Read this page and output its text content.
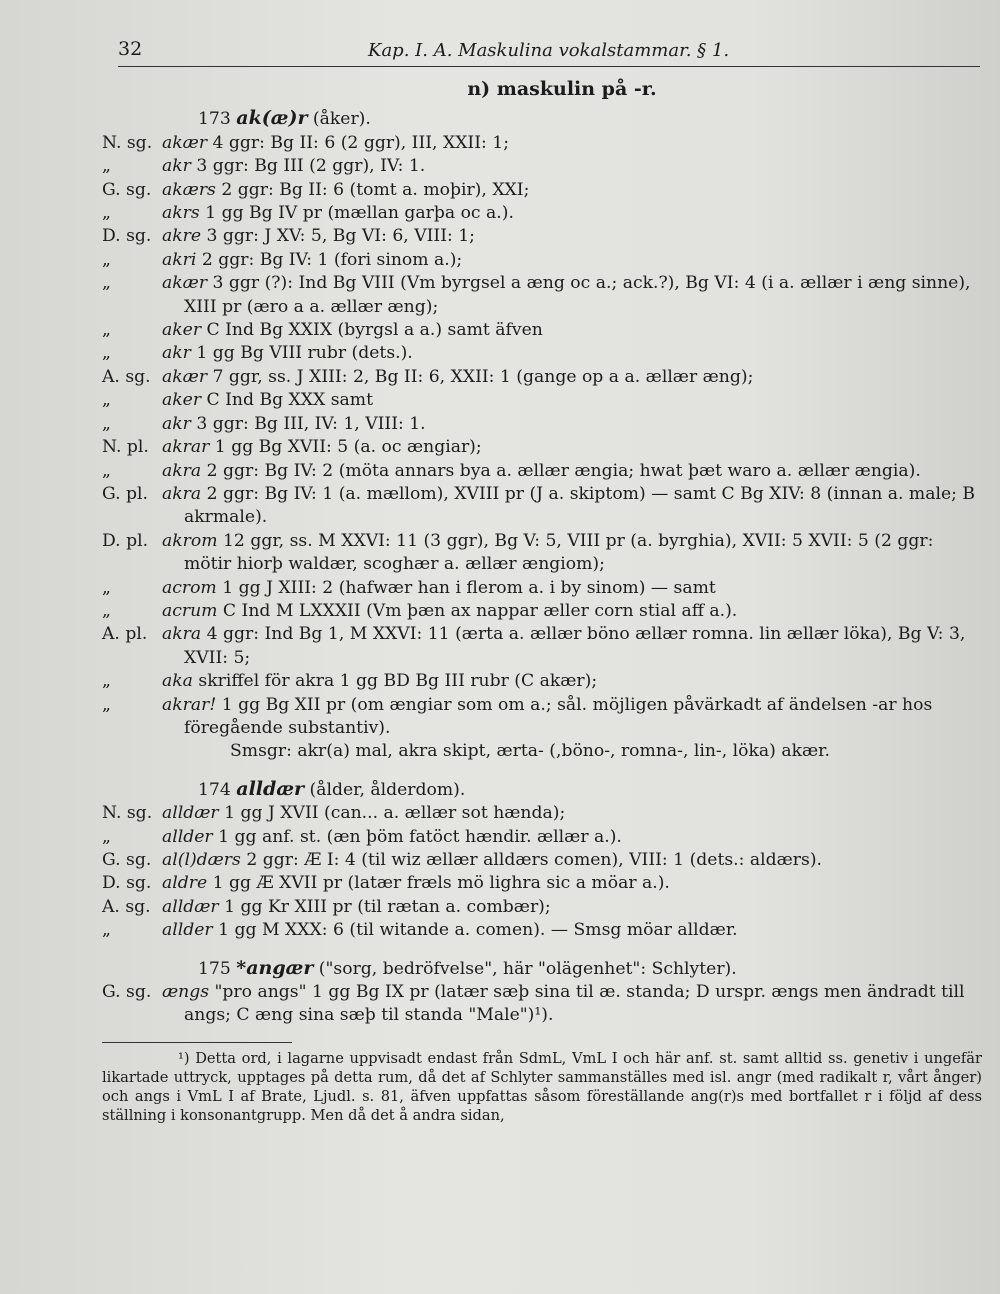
32	Kap. I. A. Maskulina vokalstammar. § 1.
n) maskulin på -r.
173 ak(æ)r (åker).
N. sg. akær 4 ggr: Bg II: 6 (2 ggr), III, XXII: 1;
„	akr 3 ggr: Bg III (2 ggr), IV: 1.
G. sg. akærs 2 ggr: Bg II: 6 (tomt a. moþir), XXI;
„	akrs 1 gg Bg IV pr (mællan garþa oc a.).
D. sg. akre 3 ggr: J XV: 5, Bg VI: 6, VIII: 1;
„	akri 2 ggr: Bg IV: 1 (fori sinom a.);
„	akær 3 ggr (?): Ind Bg VIII (Vm byrgsel a æng oc a.; ack.?), Bg VI: 4 (i a. ællær i æng sinne), XIII pr (æro a a. ællær æng);
„	aker C Ind Bg XXIX (byrgsl a a.) samt äfven
„	akr 1 gg Bg VIII rubr (dets.).
A. sg. akær 7 ggr, ss. J XIII: 2, Bg II: 6, XXII: 1 (gange op a a. ællær æng);
„	aker C Ind Bg XXX samt
„	akr 3 ggr: Bg III, IV: 1, VIII: 1.
N. pl. akrar 1 gg Bg XVII: 5 (a. oc ængiar);
„	akra 2 ggr: Bg IV: 2 (möta annars bya a. ællær ængia; hwat þæt waro a. ællær ængia).
G. pl. akra 2 ggr: Bg IV: 1 (a. mællom), XVIII pr (J a. skiptom) — samt C Bg XIV: 8 (innan a. male; B akrmale).
D. pl. akrom 12 ggr, ss. M XXVI: 11 (3 ggr), Bg V: 5, VIII pr (a. byrghia), XVII: 5 XVII: 5 (2 ggr: mötir hiorþ waldær, scoghær a. ællær ængiom);
„	acrom 1 gg J XIII: 2 (hafwær han i flerom a. i by sinom) — samt
„	acrum C Ind M LXXXII (Vm þæn ax nappar æller corn stial aff a.).
A. pl. akra 4 ggr: Ind Bg 1, M XXVI: 11 (ærta a. ællær böno ællær romna. lin ællær löka), Bg V: 3, XVII: 5;
„	aka skriffel för akra 1 gg BD Bg III rubr (C akær);
„	akrar! 1 gg Bg XII pr (om ængiar som om a.; sål. möjligen påvärkadt af ändelsen -ar hos föregående substantiv).
Smsgr: akr(a) mal, akra skipt, ærta- (,böno-, romna-, lin-, löka) akær.
174 alldær (ålder, ålderdom).
N. sg. alldær 1 gg J XVII (can... a. ællær sot hænda);
„	allder 1 gg anf. st. (æn þöm fatöct hændir. ællær a.).
G. sg. al(l)dærs 2 ggr: Æ I: 4 (til wiz ællær alldærs comen), VIII: 1 (dets.: aldærs).
D. sg. aldre 1 gg Æ XVII pr (latær fræls mö lighra sic a möar a.).
A. sg. alldær 1 gg Kr XIII pr (til rætan a. combær);
„	allder 1 gg M XXX: 6 (til witande a. comen). — Smsg möar alldær.
175 *angær ("sorg, bedröfvelse", här "olägenhet": Schlyter).
G. sg. ængs "pro angs" 1 gg Bg IX pr (latær sæþ sina til æ. standa; D urspr. ængs men ändradt till angs; C æng sina sæþ til standa "Male")¹).
¹) Detta ord, i lagarne uppvisadt endast från SdmL, VmL I och här anf. st. samt alltid ss. genetiv i ungefär likartade uttryck, upptages på detta rum, då det af Schlyter sammanställes med isl. angr (med radikalt r, vårt ånger) och angs i VmL I af Brate, Ljudl. s. 81, äfven uppfattas såsom föreställande ang(r)s med bortfallet r i följd af dess ställning i konsonantgrupp. Men då det å andra sidan,
